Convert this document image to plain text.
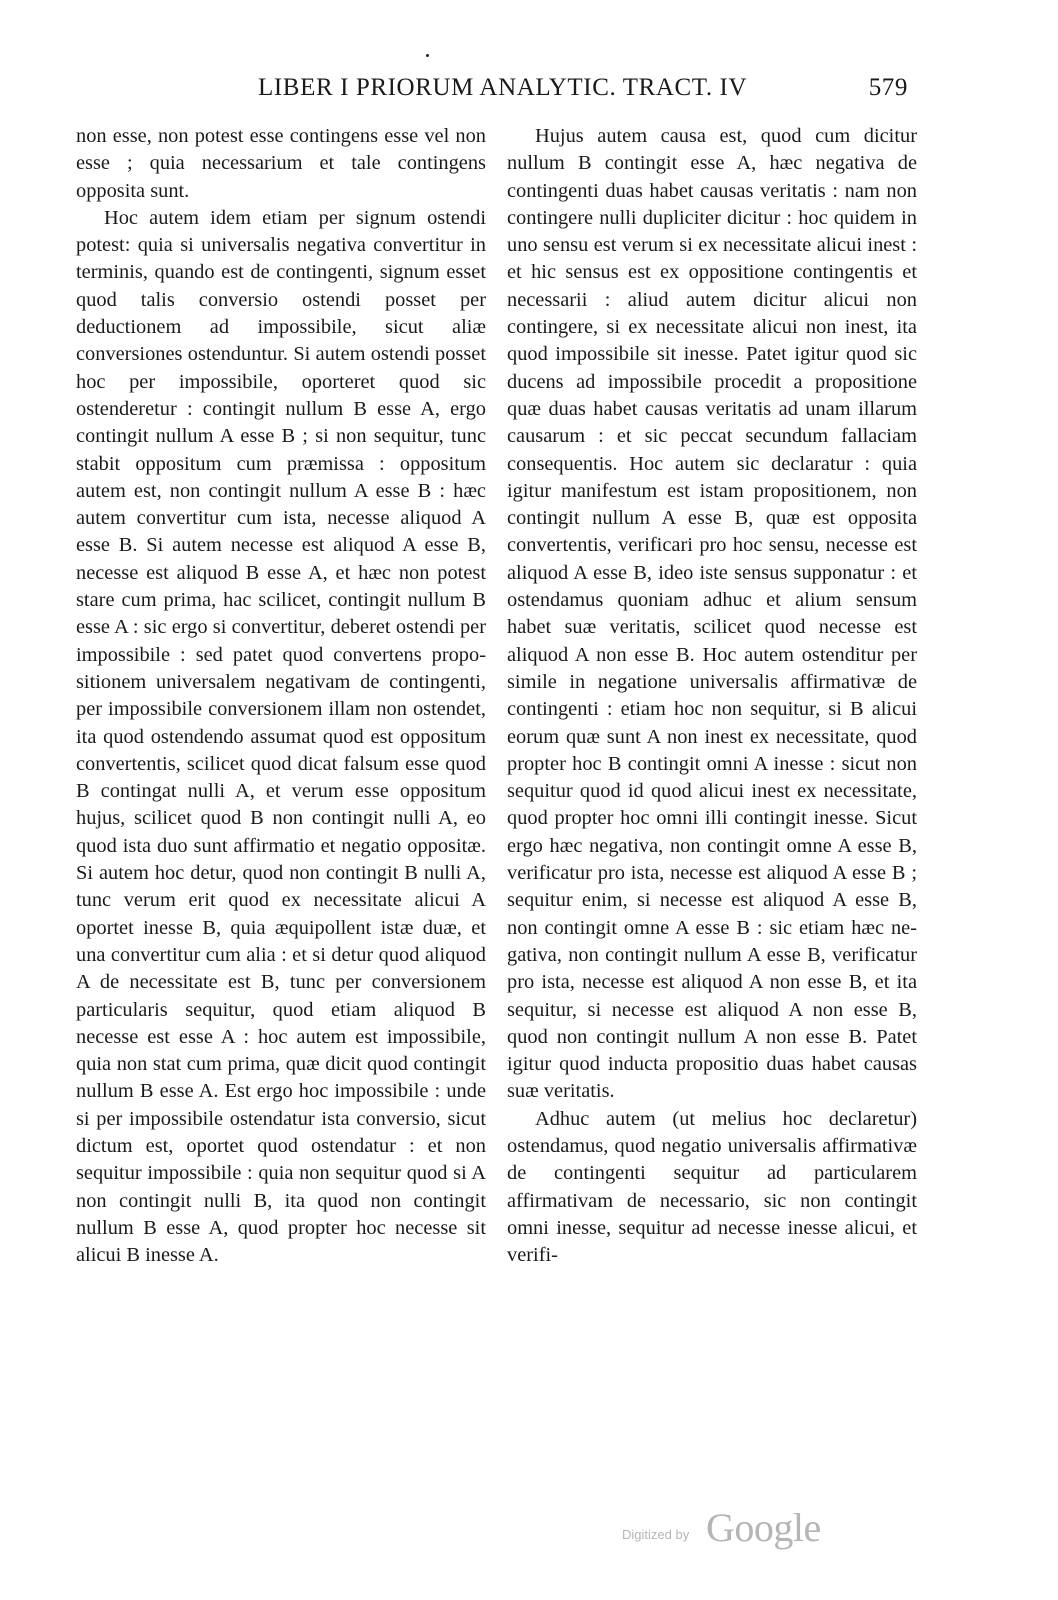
LIBER I PRIORUM ANALYTIC. TRACT. IV	579

non esse, non potest esse contingens esse vel non esse ; quia necessarium et tale contingens opposita sunt.

Hoc autem idem etiam per signum ostendi potest: quia si universalis negativa convertitur in terminis, quando est de contingenti, signum esset quod talis conversio ostendi posset per deductionem ad impossibile, sicut aliæ conversiones ostenduntur. Si autem ostendi posset hoc per impossibile, oporteret quod sic ostenderetur : contingit nullum B esse A, ergo contingit nullum A esse B ; si non sequitur, tunc stabit oppositum cum præmissa : oppositum autem est, non contingit nullum A esse B : hæc autem convertitur cum ista, necesse aliquod A esse B. Si autem necesse est aliquod A esse B, necesse est aliquod B esse A, et hæc non potest stare cum prima, hac scilicet, contingit nullum B esse A : sic ergo si convertitur, deberet ostendi per impossibile : sed patet quod convertens propositionem universalem negativam de contingenti, per impossibile conversionem illam non ostendet, ita quod ostendendo assumat quod est oppositum convertentis, scilicet quod dicat falsum esse quod B contingat nulli A, et verum esse oppositum hujus, scilicet quod B non contingit nulli A, eo quod ista duo sunt affirmatio et negatio oppositæ. Si autem hoc detur, quod non contingit B nulli A, tunc verum erit quod ex necessitate alicui A oportet inesse B, quia æquipollent istæ duæ, et una convertitur cum alia : et si detur quod aliquod A de necessitate est B, tunc per conversionem particularis sequitur, quod etiam aliquod B necesse est esse A : hoc autem est impossibile, quia non stat cum prima, quæ dicit quod contingit nullum B esse A. Est ergo hoc impossibile : unde si per impossibile ostendatur ista conversio, sicut dictum est, oportet quod ostendatur : et non sequitur impossibile : quia non sequitur quod si A non contingit nulli B, ita quod non contingit nullum B esse A, quod propter hoc necesse sit alicui B inesse A.

Hujus autem causa est, quod cum dicitur nullum B contingit esse A, hæc negativa de contingenti duas habet causas veritatis : nam non contingere nulli dupliciter dicitur : hoc quidem in uno sensu est verum si ex necessitate alicui inest : et hic sensus est ex oppositione contingentis et necessarii : aliud autem dicitur alicui non contingere, si ex necessitate alicui non inest, ita quod impossibile sit inesse. Patet igitur quod sic ducens ad impossibile procedit a propositione quæ duas habet causas veritatis ad unam illarum causarum : et sic peccat secundum fallaciam consequentis. Hoc autem sic declaratur : quia igitur manifestum est istam propositionem, non contingit nullum A esse B, quæ est opposita convertentis, verificari pro hoc sensu, necesse est aliquod A esse B, ideo iste sensus supponatur : et ostendamus quoniam adhuc et alium sensum habet suæ veritatis, scilicet quod necesse est aliquod A non esse B. Hoc autem ostenditur per simile in negatione universalis affirmativæ de contingenti : etiam hoc non sequitur, si B alicui eorum quæ sunt A non inest ex necessitate, quod propter hoc B contingit omni A inesse : sicut non sequitur quod id quod alicui inest ex necessitate, quod propter hoc omni illi contingit inesse. Sicut ergo hæc negativa, non contingit omne A esse B, verificatur pro ista, necesse est aliquod A esse B ; sequitur enim, si necesse est aliquod A esse B, non contingit omne A esse B : sic etiam hæc negativa, non contingit nullum A esse B, verificatur pro ista, necesse est aliquod A non esse B, et ita sequitur, si necesse est aliquod A non esse B, quod non contingit nullum A non esse B. Patet igitur quod inducta propositio duas habet causas suæ veritatis.

Adhuc autem (ut melius hoc declaretur) ostendamus, quod negatio universalis affirmativæ de contingenti sequitur ad particularem affirmativam de necessario, sic non contingit omni inesse, sequitur ad necesse inesse alicui, et verifi-

Digitized by Google
